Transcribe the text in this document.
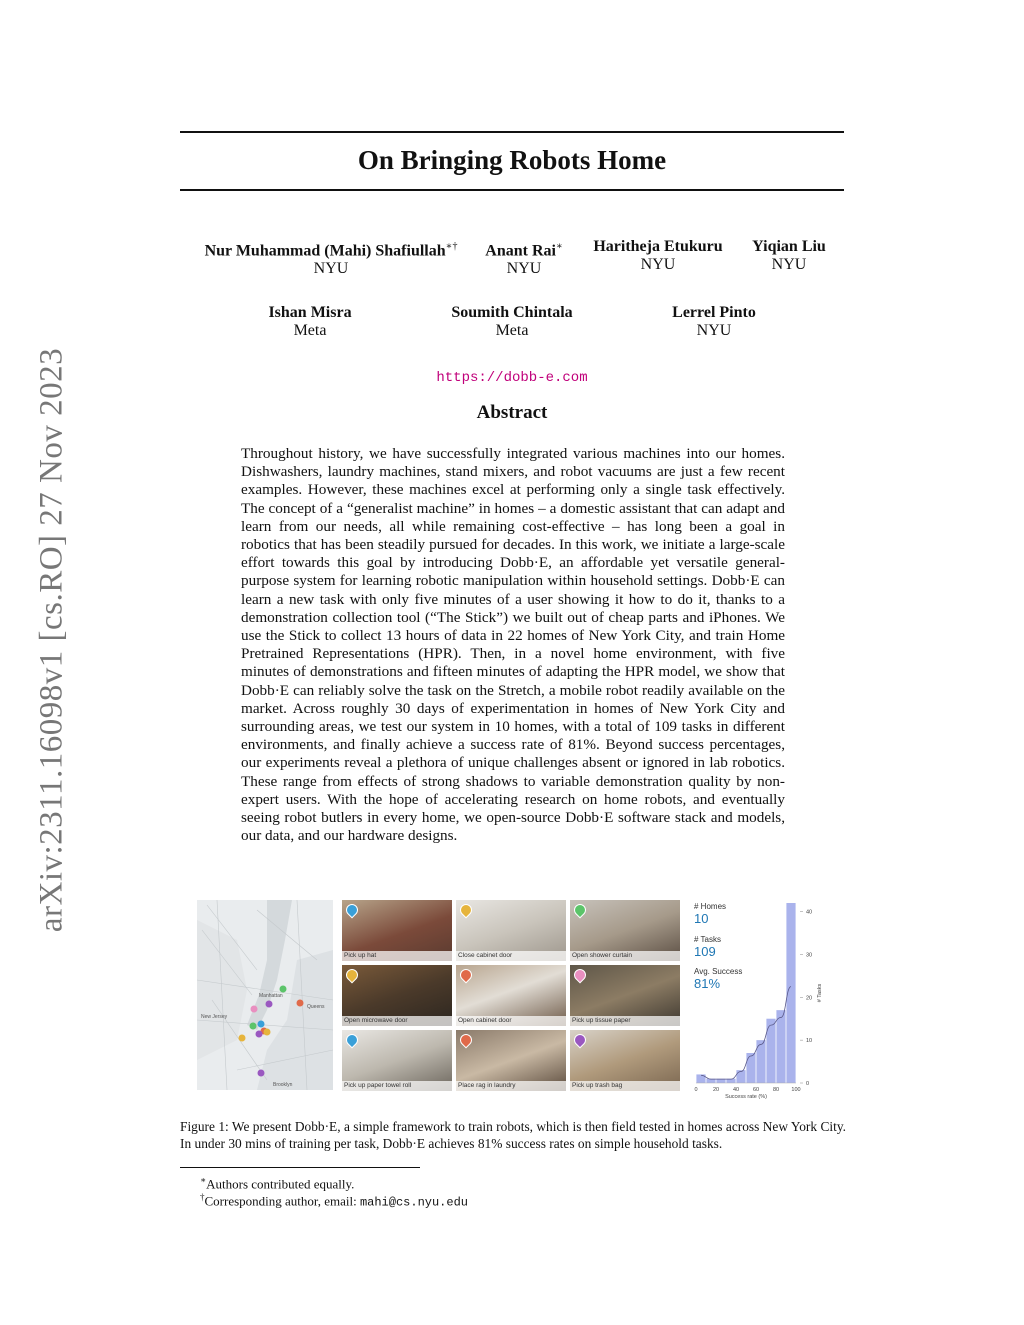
arXiv:2311.16098v1 [cs.RO] 27 Nov 2023
On Bringing Robots Home
Nur Muhammad (Mahi) Shafiullah∗†
NYU
Anant Rai∗
NYU
Haritheja Etukuru
NYU
Yiqian Liu
NYU
Ishan Misra
Meta
Soumith Chintala
Meta
Lerrel Pinto
NYU
https://dobb-e.com
Abstract
Throughout history, we have successfully integrated various machines into our homes. Dishwashers, laundry machines, stand mixers, and robot vacuums are just a few recent examples. However, these machines excel at performing only a single task effectively. The concept of a “generalist machine” in homes – a domestic assistant that can adapt and learn from our needs, all while remaining cost-effective – has long been a goal in robotics that has been steadily pursued for decades. In this work, we initiate a large-scale effort towards this goal by introducing Dobb·E, an affordable yet versatile general-purpose system for learning robotic manipulation within household settings. Dobb·E can learn a new task with only five minutes of a user showing it how to do it, thanks to a demonstration collection tool (“The Stick”) we built out of cheap parts and iPhones. We use the Stick to collect 13 hours of data in 22 homes of New York City, and train Home Pretrained Representations (HPR). Then, in a novel home environment, with five minutes of demonstrations and fifteen minutes of adapting the HPR model, we show that Dobb·E can reliably solve the task on the Stretch, a mobile robot readily available on the market. Across roughly 30 days of experimentation in homes of New York City and surrounding areas, we test our system in 10 homes, with a total of 109 tasks in different environments, and finally achieve a success rate of 81%. Beyond success percentages, our experiments reveal a plethora of unique challenges absent or ignored in lab robotics. These range from effects of strong shadows to variable demonstration quality by non-expert users. With the hope of accelerating research on home robots, and eventually seeing robot butlers in every home, we open-source Dobb·E software stack and models, our data, and our hardware designs.
Manhattan
Queens
New Jersey
Brooklyn
Pick up hat	Close cabinet door	Open shower curtain
Open microwave door	Open cabinet door	Pick up tissue paper
Pick up paper towel roll	Place rag in laundry	Pick up trash bag
# Homes
10
# Tasks
109
Avg. Success
81%
0	20	40	60	80 100
0
10
20
30
40
Success rate (%)
# Tasks
Figure 1: We present Dobb·E, a simple framework to train robots, which is then field tested in homes across New York City. In under 30 mins of training per task, Dobb·E achieves 81% success rates on simple household tasks.
∗Authors contributed equally.
†Corresponding author, email: mahi@cs.nyu.edu
